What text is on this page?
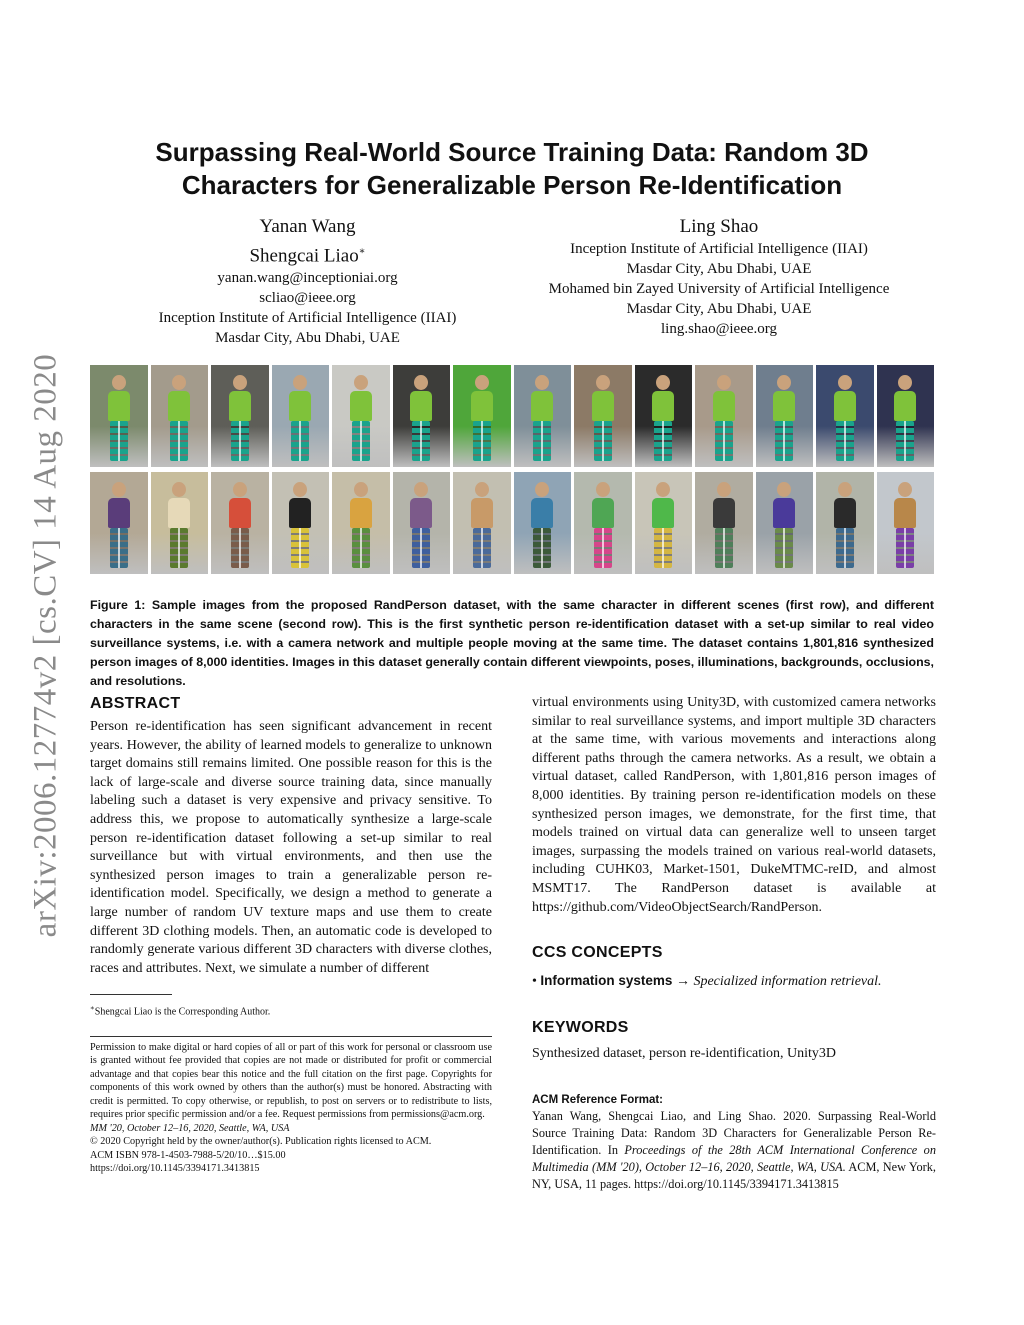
arXiv:2006.12774v2 [cs.CV] 14 Aug 2020
Surpassing Real-World Source Training Data: Random 3D
Characters for Generalizable Person Re-Identification
Yanan Wang
Shengcai Liao∗
yanan.wang@inceptioniai.org
scliao@ieee.org
Inception Institute of Artificial Intelligence (IIAI)
Masdar City, Abu Dhabi, UAE
Ling Shao
Inception Institute of Artificial Intelligence (IIAI)
Masdar City, Abu Dhabi, UAE
Mohamed bin Zayed University of Artificial Intelligence
Masdar City, Abu Dhabi, UAE
ling.shao@ieee.org

Figure 1: Sample images from the proposed RandPerson dataset, with the same character in different scenes (first row), and different characters in the same scene (second row). This is the first synthetic person re-identification dataset with a set-up similar to real video surveillance systems, i.e. with a camera network and multiple people moving at the same time. The dataset contains 1,801,816 synthesized person images of 8,000 identities. Images in this dataset generally contain different viewpoints, poses, illuminations, backgrounds, occlusions, and resolutions.

ABSTRACT

Person re-identification has seen significant advancement in recent years. However, the ability of learned models to generalize to unknown target domains still remains limited. One possible reason for this is the lack of large-scale and diverse source training data, since manually labeling such a dataset is very expensive and privacy sensitive. To address this, we propose to automatically synthesize a large-scale person re-identification dataset following a set-up similar to real surveillance but with virtual environments, and then use the synthesized person images to train a generalizable person re-identification model. Specifically, we design a method to generate a large number of random UV texture maps and use them to create different 3D clothing models. Then, an automatic code is developed to randomly generate various different 3D characters with diverse clothes, races and attributes. Next, we simulate a number of different

∗Shengcai Liao is the Corresponding Author.

Permission to make digital or hard copies of all or part of this work for personal or classroom use is granted without fee provided that copies are not made or distributed for profit or commercial advantage and that copies bear this notice and the full citation on the first page. Copyrights for components of this work owned by others than the author(s) must be honored. Abstracting with credit is permitted. To copy otherwise, or republish, to post on servers or to redistribute to lists, requires prior specific permission and/or a fee. Request permissions from permissions@acm.org.

MM '20, October 12–16, 2020, Seattle, WA, USA

© 2020 Copyright held by the owner/author(s). Publication rights licensed to ACM.

ACM ISBN 978-1-4503-7988-5/20/10…$15.00

https://doi.org/10.1145/3394171.3413815

virtual environments using Unity3D, with customized camera networks similar to real surveillance systems, and import multiple 3D characters at the same time, with various movements and interactions along different paths through the camera networks. As a result, we obtain a virtual dataset, called RandPerson, with 1,801,816 person images of 8,000 identities. By training person re-identification models on these synthesized person images, we demonstrate, for the first time, that models trained on virtual data can generalize well to unseen target images, surpassing the models trained on various real-world datasets, including CUHK03, Market-1501, DukeMTMC-reID, and almost MSMT17. The RandPerson dataset is available at https://github.com/VideoObjectSearch/RandPerson.

CCS CONCEPTS

• Information systems → Specialized information retrieval.

KEYWORDS

Synthesized dataset, person re-identification, Unity3D

ACM Reference Format:

Yanan Wang, Shengcai Liao, and Ling Shao. 2020. Surpassing Real-World Source Training Data: Random 3D Characters for Generalizable Person Re-Identification. In Proceedings of the 28th ACM International Conference on Multimedia (MM '20), October 12–16, 2020, Seattle, WA, USA. ACM, New York, NY, USA, 11 pages. https://doi.org/10.1145/3394171.3413815
